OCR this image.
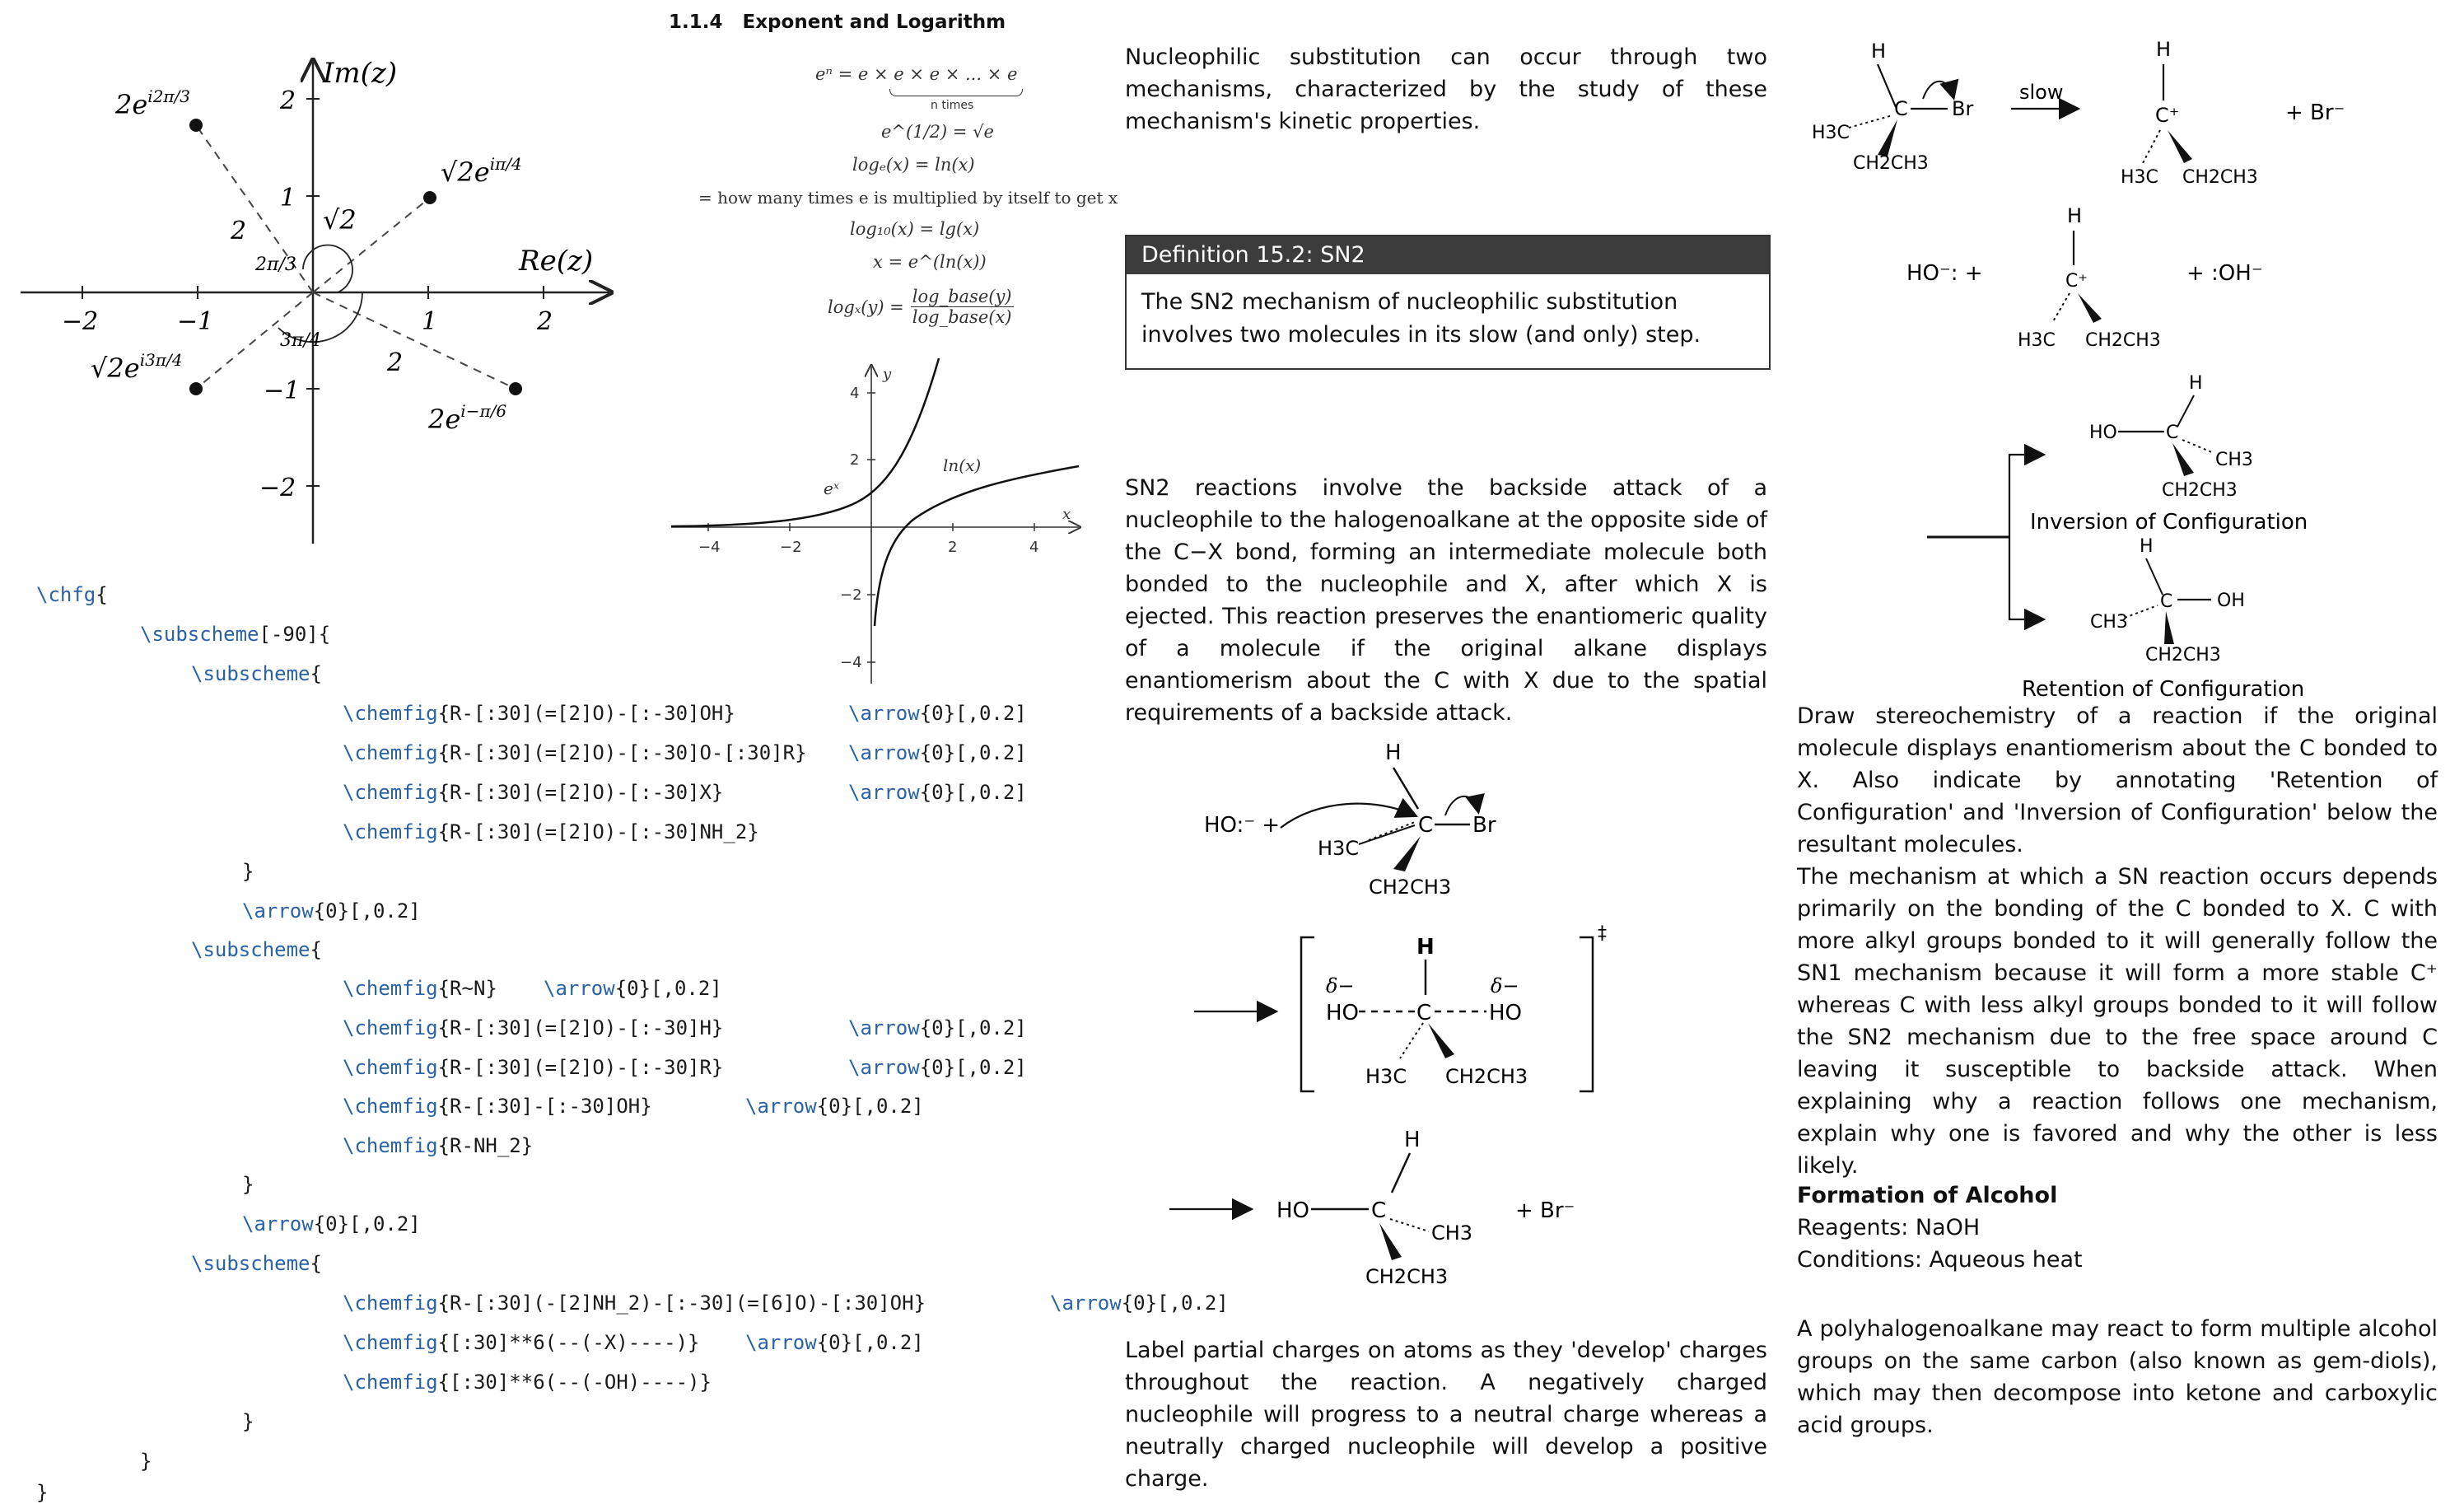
−2	−1	1	2
2
1
−1
−2
Im(z)
Re(z)
$2e^{i2\pi/3}$
$√2e^{i\pi/4}$
$√2e^{i3\pi/4}$
$2e^{i-\pi/6}$
√2
2
2
2π/3
3π/4
\chfg{
\subscheme[-90]{
\subscheme{
\chemfig{R-[:30](=[2]O)-[:-30]OH}	\arrow{0}[,0.2]
\chemfig{R-[:30](=[2]O)-[:-30]O-[:30]R} \arrow{0}[,0.2]
\chemfig{R-[:30](=[2]O)-[:-30]X}	\arrow{0}[,0.2]
\chemfig{R-[:30](=[2]O)-[:-30]NH_2}
}
\arrow{0}[,0.2]
\subscheme{
\chemfig{R~N} \arrow{0}[,0.2]
\chemfig{R-[:30](=[2]O)-[:-30]H}	\arrow{0}[,0.2]
\chemfig{R-[:30](=[2]O)-[:-30]R}	\arrow{0}[,0.2]
\chemfig{R-[:30]-[:-30]OH}	\arrow{0}[,0.2]
\chemfig{R-NH_2}
}
\arrow{0}[,0.2]
\subscheme{
\chemfig{R-[:30](-[2]NH_2)-[:-30](=[6]O)-[:30]OH}	\arrow{0}[,0.2]
\chemfig{[:30]**6(--(-X)----)} \arrow{0}[,0.2]
\chemfig{[:30]**6(--(-OH)----)}
}
}
}
1.1.4   Exponent and Logarithm
eⁿ = e × e × e × ... × e
n times
e^(1/2) = √e
logₑ(x) = ln(x)
= how many times e is multiplied by itself to get x
log₁₀(x) = lg(x)
x = e^(ln(x))
logₓ(y) =
log_base(y)
log_base(x)
−4	−2	2	4
4
2
−2
−4
x
y
eˣ
ln(x)
Nucleophilic substitution can occur through two mechanisms, characterized by the study of these mechanism's kinetic properties.
Definition 15.2: SN2
The SN2 mechanism of nucleophilic substitution involves two molecules in its slow (and only) step.
SN2 reactions involve the backside attack of a nucleophile to the halogenoalkane at the opposite side of the C−X bond, forming an intermediate molecule both bonded to the nucleophile and X, after which X is ejected. This reaction preserves the enantiomeric quality of a molecule if the original alkane displays enantiomerism about the C with X due to the spatial requirements of a backside attack.
H
HO:⁻ +
H3C
C Br
CH2CH3
‡
H
δ−	δ−
HO	C	HO
H3C CH2CH3
H
HO	C
CH3
CH2CH3
+ Br⁻
Label partial charges on atoms as they 'develop' charges throughout the reaction. A negatively charged nucleophile will progress to a neutral charge whereas a neutrally charged nucleophile will develop a positive charge.
H
H3C
C Br
CH2CH3
slow
H
C⁺
H3C CH2CH3
+ Br⁻
HO⁻: +
H
C⁺
H3C CH2CH3
+ :OH⁻
H
HO	C
CH3
CH2CH3
Inversion of Configuration
H
CH3
C OH
CH2CH3
Retention of Configuration
Draw stereochemistry of a reaction if the original molecule displays enantiomerism about the C bonded to X. Also indicate by annotating 'Retention of Configuration' and 'Inversion of Configuration' below the resultant molecules.
The mechanism at which a SN reaction occurs depends primarily on the bonding of the C bonded to X. C with more alkyl groups bonded to it will generally follow the SN1 mechanism because it will form a more stable C⁺ whereas C with less alkyl groups bonded to it will follow the SN2 mechanism due to the free space around C leaving it susceptible to backside attack. When explaining why a reaction follows one mechanism, explain why one is favored and why the other is less likely.
Formation of Alcohol
Reagents: NaOH
Conditions: Aqueous heat
A polyhalogenoalkane may react to form multiple alcohol groups on the same carbon (also known as gem-diols), which may then decompose into ketone and carboxylic acid groups.
